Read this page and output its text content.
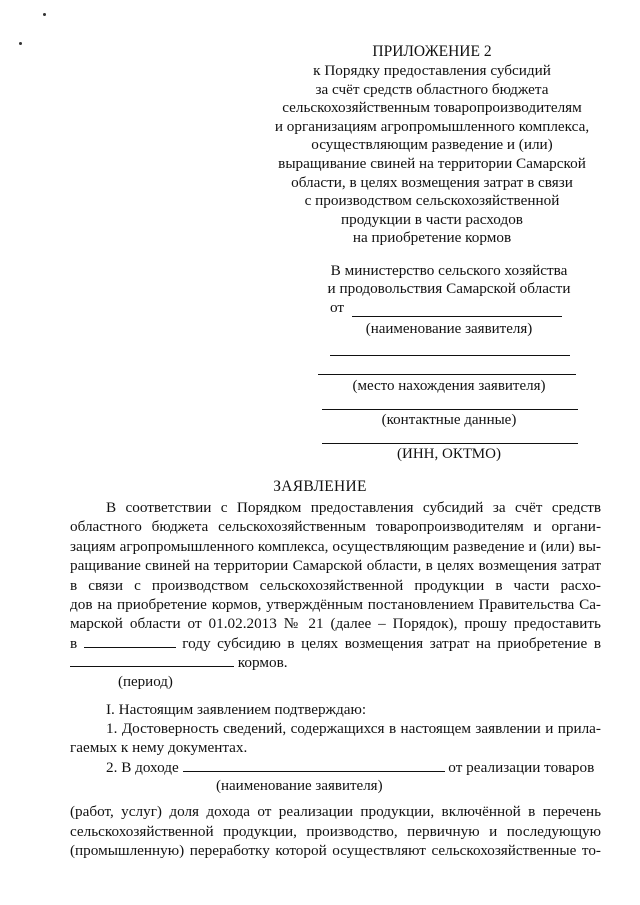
ПРИЛОЖЕНИЕ 2
к Порядку предоставления субсидий
за счёт средств областного бюджета
сельскохозяйственным товаропроизводителям
и организациям агропромышленного комплекса,
осуществляющим разведение и (или)
выращивание свиней на территории Самарской
области, в целях возмещения затрат в связи
с производством сельскохозяйственной
продукции в части расходов
на приобретение кормов
В министерство сельского хозяйства
и продовольствия Самарской области
от
(наименование заявителя)
(место нахождения заявителя)
(контактные данные)
(ИНН, ОКТМО)
ЗАЯВЛЕНИЕ
В соответствии с Порядком предоставления субсидий за счёт средств
областного бюджета сельскохозяйственным товаропроизводителям и органи-
зациям агропромышленного комплекса, осуществляющим разведение и (или) вы-
ращивание свиней на территории Самарской области, в целях возмещения затрат
в связи с производством сельскохозяйственной продукции в части расхо-
дов на приобретение кормов, утверждённым постановлением Правительства Са-
марской области от 01.02.2013 № 21 (далее – Порядок), прошу предоставить
в	году субсидию в целях возмещения затрат на приобретение в
кормов.
(период)
I. Настоящим заявлением подтверждаю:
1. Достоверность сведений, содержащихся в настоящем заявлении и прила-
гаемых к нему документах.
2. В доходе	от реализации товаров
(наименование заявителя)
(работ, услуг) доля дохода от реализации продукции, включённой в перечень
сельскохозяйственной продукции, производство, первичную и последующую
(промышленную) переработку которой осуществляют сельскохозяйственные то-
